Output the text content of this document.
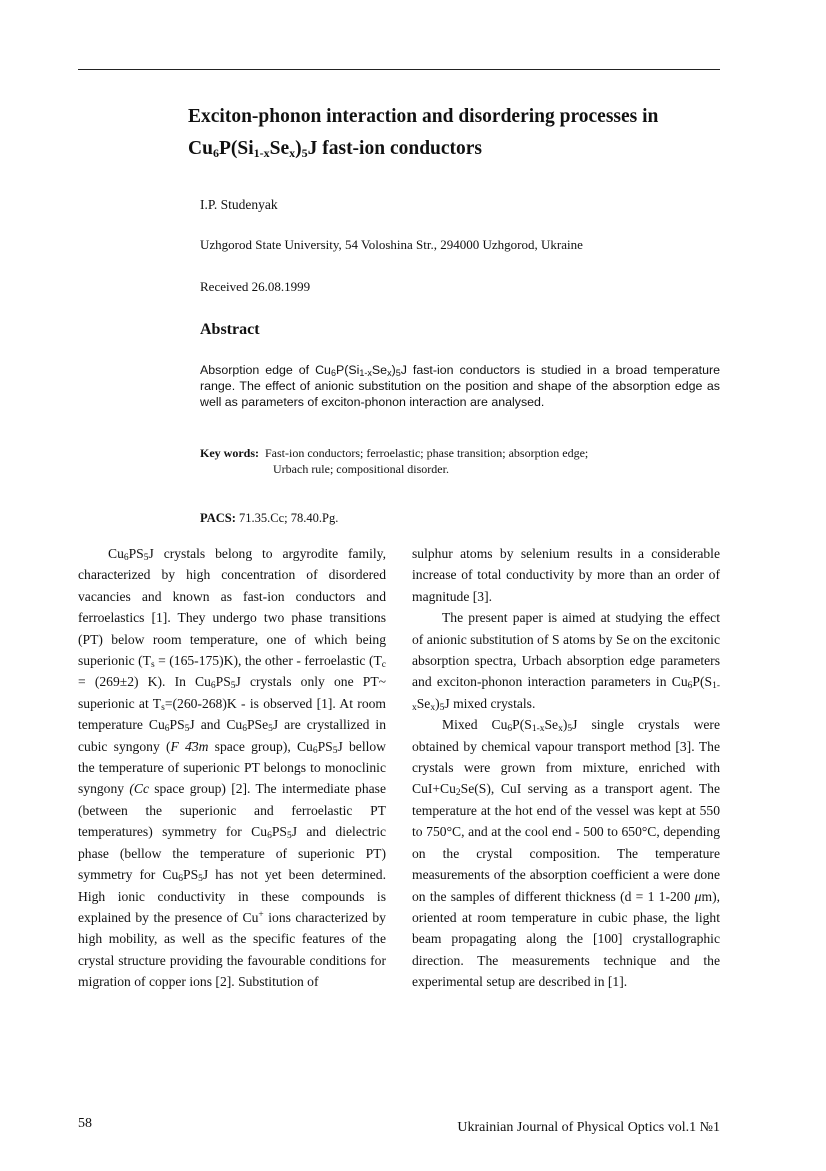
Exciton-phonon interaction and disordering processes in
$Cu_6P(Si_{1-x}Se_x)_5J$ fast-ion conductors
I.P. Studenyak
Uzhgorod State University, 54 Voloshina Str., 294000 Uzhgorod, Ukraine
Received 26.08.1999
Abstract
Absorption edge of $Cu_6P(Si_{1-x}Se_x)_5J$ fast-ion conductors is studied in a broad temperature range. The effect of anionic substitution on the position and shape of the absorption edge as well as parameters of exciton-phonon interaction are analysed.
Key words: Fast-ion conductors; ferroelastic; phase transition; absorption edge;
Urbach rule; compositional disorder.
PACS: 71.35.Cc; 78.40.Pg.

$Cu_6PS_5J$ crystals belong to argyrodite family, characterized by high concentration of disordered vacancies and known as fast-ion conductors and ferroelastics [1]. They undergo two phase transitions (PT) below room temperature, one of which being superionic $(T_s = (165-175)K)$, the other - ferroelastic ($T_c = (269\pm 2)$ K). In $Cu_6PS_5J$ crystals only one PT~ superionic at $T_s=(260-268)K$ - is observed [1]. At room temperature $Cu_6PS_5J$ and $Cu_6PSe_5J$ are crystallized in cubic syngony (F 4̄3m space group), $Cu_6PS_5J$ bellow the temperature of superionic PT belongs to monoclinic syngony (Cc space group) [2]. The intermediate phase (between the superionic and ferroelastic PT temperatures) symmetry for $Cu_6PS_5J$ and dielectric phase (bellow the temperature of superionic PT) symmetry for $Cu_6PS_5J$ has not yet been determined. High ionic conductivity in these compounds is explained by the presence of Cu+ ions characterized by high mobility, as well as the specific features of the crystal structure providing the favourable conditions for migration of copper ions [2]. Substitution of

sulphur atoms by selenium results in a considerable increase of total conductivity by more than an order of magnitude [3].

The present paper is aimed at studying the effect of anionic substitution of S atoms by Se on the excitonic absorption spectra, Urbach absorption edge parameters and exciton-phonon interaction parameters in $Cu_6P(S_{1-x}Se_x)_5J$ mixed crystals.

Mixed $Cu_6P(S_{1-x}Se_x)_5J$ single crystals were obtained by chemical vapour transport method [3]. The crystals were grown from mixture, enriched with $CuI+Cu_2Se(S)$, CuI serving as a transport agent. The temperature at the hot end of the vessel was kept at 550 to 750°C, and at the cool end - 500 to 650°C, depending on the crystal composition. The temperature measurements of the absorption coefficient a were done on the samples of different thickness (d = 1 1-200 μm), oriented at room temperature in cubic phase, the light beam propagating along the [100] crystallographic direction. The measurements technique and the experimental setup are described in [1].

58	Ukrainian Journal of Physical Optics vol.1 №1
